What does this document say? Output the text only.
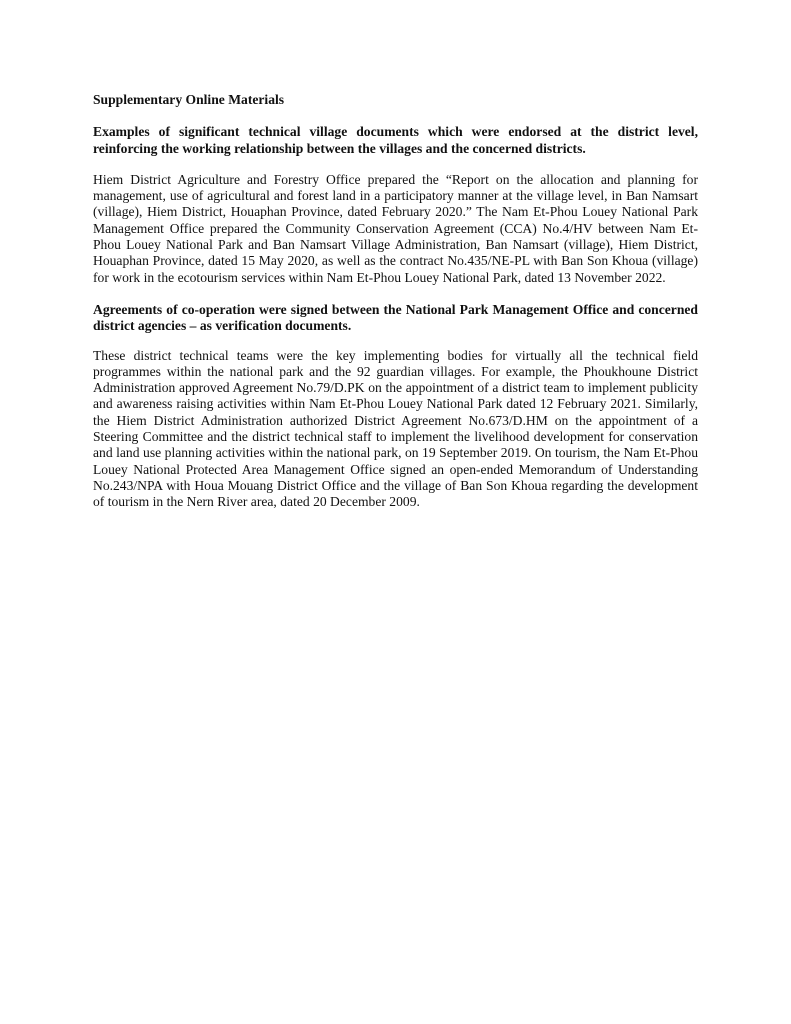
Supplementary Online Materials

Examples of significant technical village documents which were endorsed at the district level, reinforcing the working relationship between the villages and the concerned districts.

Hiem District Agriculture and Forestry Office prepared the “Report on the allocation and planning for management, use of agricultural and forest land in a participatory manner at the village level, in Ban Namsart (village), Hiem District, Houaphan Province, dated February 2020.” The Nam Et-Phou Louey National Park Management Office prepared the Community Conservation Agreement (CCA) No.4/HV between Nam Et-Phou Louey National Park and Ban Namsart Village Administration, Ban Namsart (village), Hiem District, Houaphan Province, dated 15 May 2020, as well as the contract No.435/NE-PL with Ban Son Khoua (village) for work in the ecotourism services within Nam Et-Phou Louey National Park, dated 13 November 2022.

Agreements of co-operation were signed between the National Park Management Office and concerned district agencies – as verification documents.

These district technical teams were the key implementing bodies for virtually all the technical field programmes within the national park and the 92 guardian villages. For example, the Phoukhoune District Administration approved Agreement No.79/D.PK on the appointment of a district team to implement publicity and awareness raising activities within Nam Et-Phou Louey National Park dated 12 February 2021. Similarly, the Hiem District Administration authorized District Agreement No.673/D.HM on the appointment of a Steering Committee and the district technical staff to implement the livelihood development for conservation and land use planning activities within the national park, on 19 September 2019. On tourism, the Nam Et-Phou Louey National Protected Area Management Office signed an open-ended Memorandum of Understanding No.243/NPA with Houa Mouang District Office and the village of Ban Son Khoua regarding the development of tourism in the Nern River area, dated 20 December 2009.
